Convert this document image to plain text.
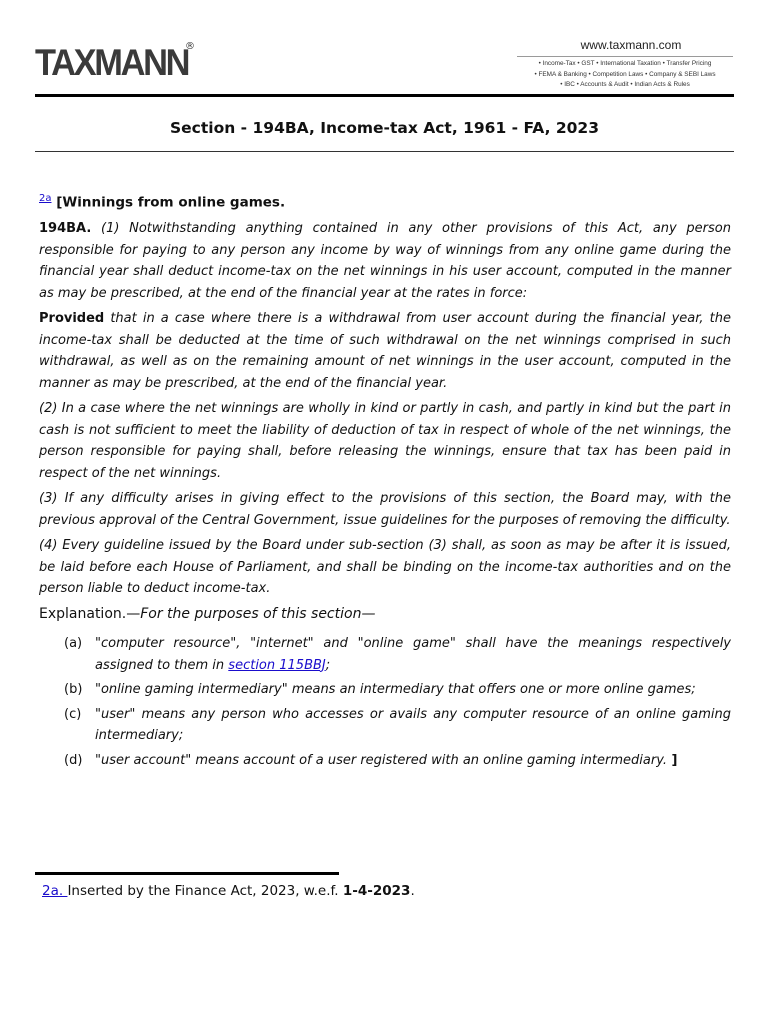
TAXMANN
®	www.taxmann.com
• Income-Tax • GST • International Taxation • Transfer Pricing
• FEMA & Banking • Competition Laws • Company & SEBI Laws
• IBC • Accounts & Audit • Indian Acts & Rules
Section - 194BA, Income-tax Act, 1961 - FA, 2023
$^{2a}$ [Winnings from online games.

194BA. (1) Notwithstanding anything contained in any other provisions of this Act, any person responsible for paying to any person any income by way of winnings from any online game during the financial year shall deduct income-tax on the net winnings in his user account, computed in the manner as may be prescribed, at the end of the financial year at the rates in force:

Provided that in a case where there is a withdrawal from user account during the financial year, the income-tax shall be deducted at the time of such withdrawal on the net winnings comprised in such withdrawal, as well as on the remaining amount of net winnings in the user account, computed in the manner as may be prescribed, at the end of the financial year.

(2) In a case where the net winnings are wholly in kind or partly in cash, and partly in kind but the part in cash is not sufficient to meet the liability of deduction of tax in respect of whole of the net winnings, the person responsible for paying shall, before releasing the winnings, ensure that tax has been paid in respect of the net winnings.

(3) If any difficulty arises in giving effect to the provisions of this section, the Board may, with the previous approval of the Central Government, issue guidelines for the purposes of removing the difficulty.

(4) Every guideline issued by the Board under sub-section (3) shall, as soon as may be after it is issued, be laid before each House of Parliament, and shall be binding on the income-tax authorities and on the person liable to deduct income-tax.

Explanation.—For the purposes of this section—

(a) "computer resource", "internet" and "online game" shall have the meanings respectively assigned to them in section 115BBJ;
(b) "online gaming intermediary" means an intermediary that offers one or more online games;
(c)	"user" means any person who accesses or avails any computer resource of an online gaming intermediary;
(d) "user account" means account of a user registered with an online gaming intermediary. ]
2a. Inserted by the Finance Act, 2023, w.e.f. 1-4-2023.
